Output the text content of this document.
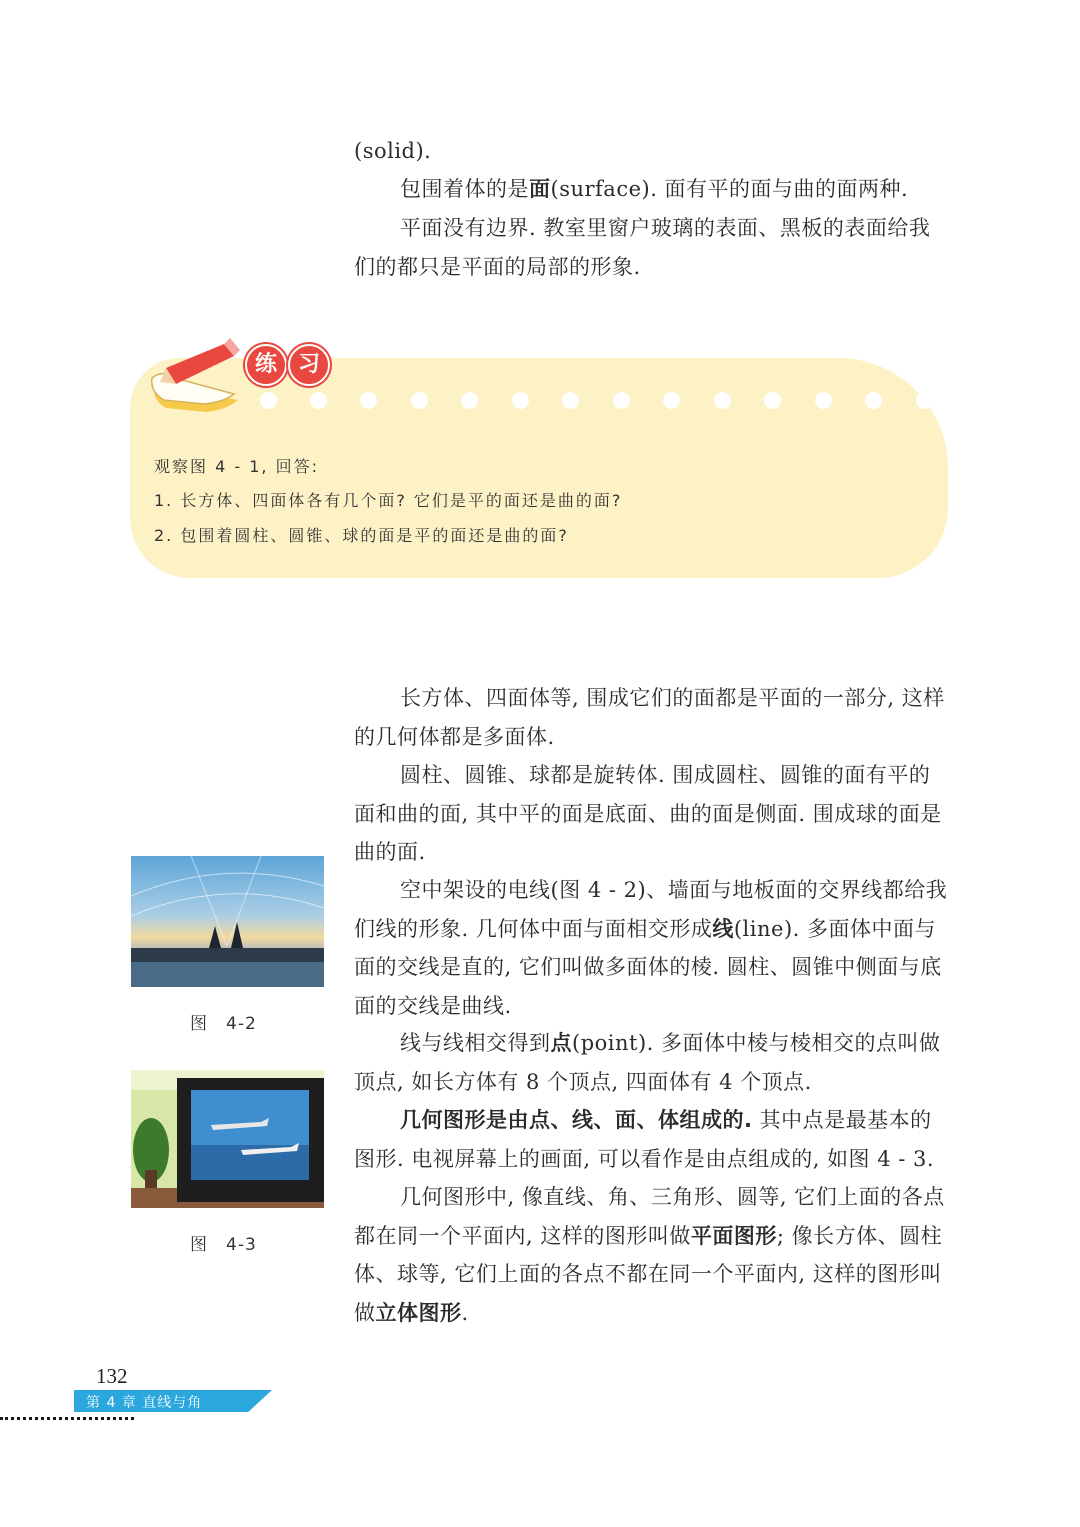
(solid).

包围着体的是面(surface). 面有平的面与曲的面两种.

平面没有边界. 教室里窗户玻璃的表面、黑板的表面给我们的都只是平面的局部的形象.

观察图 4 - 1, 回答:
1. 长方体、四面体各有几个面? 它们是平的面还是曲的面?
2. 包围着圆柱、圆锥、球的面是平的面还是曲的面?
练 习

长方体、四面体等, 围成它们的面都是平面的一部分, 这样的几何体都是多面体.

圆柱、圆锥、球都是旋转体. 围成圆柱、圆锥的面有平的面和曲的面, 其中平的面是底面、曲的面是侧面. 围成球的面是曲的面.

空中架设的电线(图 4 - 2)、墙面与地板面的交界线都给我们线的形象. 几何体中面与面相交形成线(line). 多面体中面与面的交线是直的, 它们叫做多面体的棱. 圆柱、圆锥中侧面与底面的交线是曲线.

线与线相交得到点(point). 多面体中棱与棱相交的点叫做顶点, 如长方体有 8 个顶点, 四面体有 4 个顶点.

几何图形是由点、线、面、体组成的. 其中点是最基本的图形. 电视屏幕上的画面, 可以看作是由点组成的, 如图 4 - 3.

几何图形中, 像直线、角、三角形、圆等, 它们上面的各点都在同一个平面内, 这样的图形叫做平面图形; 像长方体、圆柱体、球等, 它们上面的各点不都在同一个平面内, 这样的图形叫做立体图形.

图 4-2
图 4-3
132
第 4 章 直线与角
